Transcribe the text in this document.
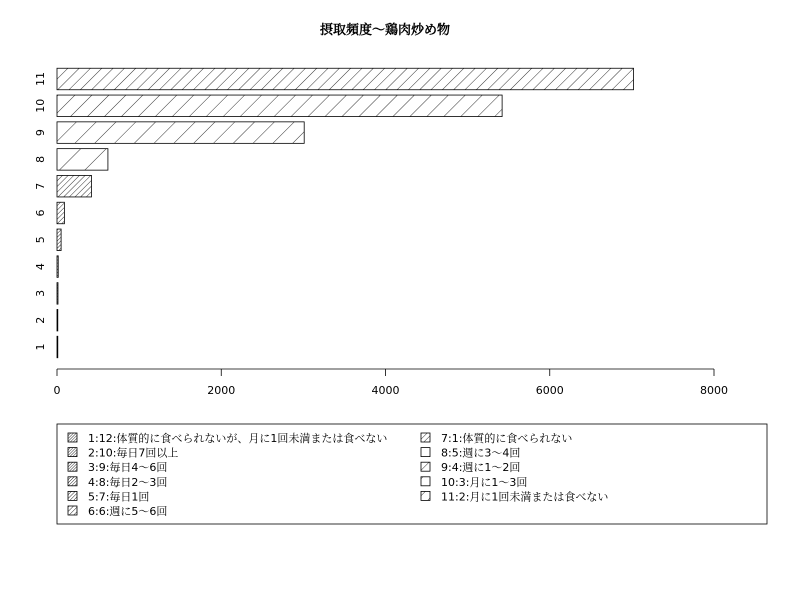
摂取頻度～鶏肉炒め物
1
2
3
4
5
6
7
8
9
10
11
0	2000	4000	6000	8000
1:12:体質的に食べられないが、月に1回未満または食べない
2:10:毎日7回以上
3:9:毎日4～6回
4:8:毎日2～3回
5:7:毎日1回
6:6:週に5～6回
7:1:体質的に食べられない
8:5:週に3～4回
9:4:週に1～2回
10:3:月に1～3回
11:2:月に1回未満または食べない
